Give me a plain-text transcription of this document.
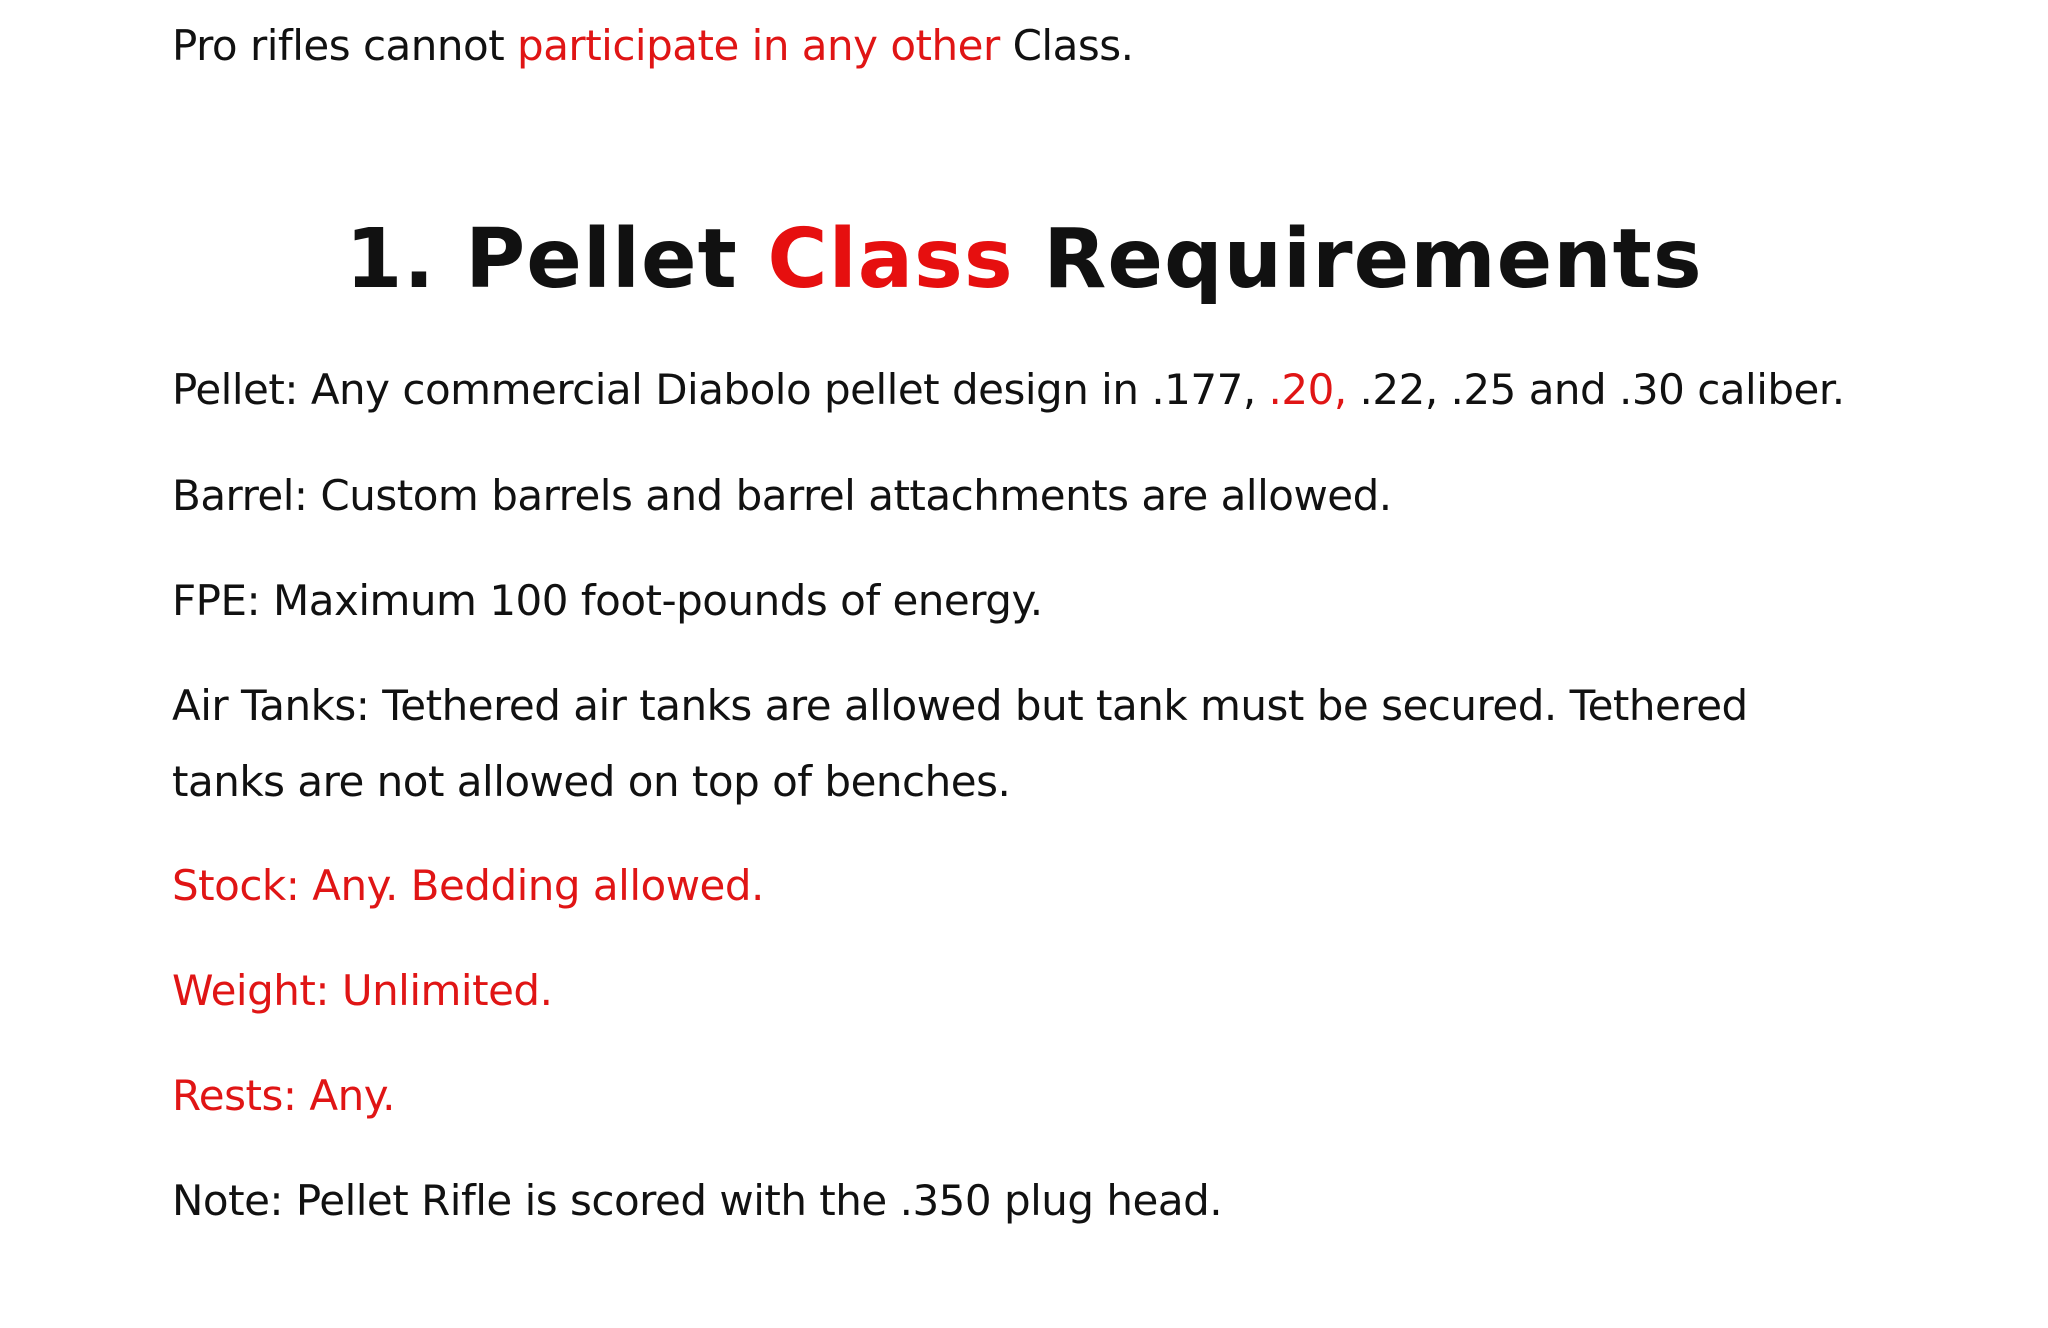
Pro rifles cannot participate in any other Class.

1. Pellet Class Requirements

Pellet: Any commercial Diabolo pellet design in .177, .20, .22, .25 and .30 caliber.

Barrel: Custom barrels and barrel attachments are allowed.

FPE: Maximum 100 foot-pounds of energy.

Air Tanks: Tethered air tanks are allowed but tank must be secured. Tethered tanks are not allowed on top of benches.

Stock: Any. Bedding allowed.

Weight: Unlimited.

Rests: Any.

Note: Pellet Rifle is scored with the .350 plug head.
